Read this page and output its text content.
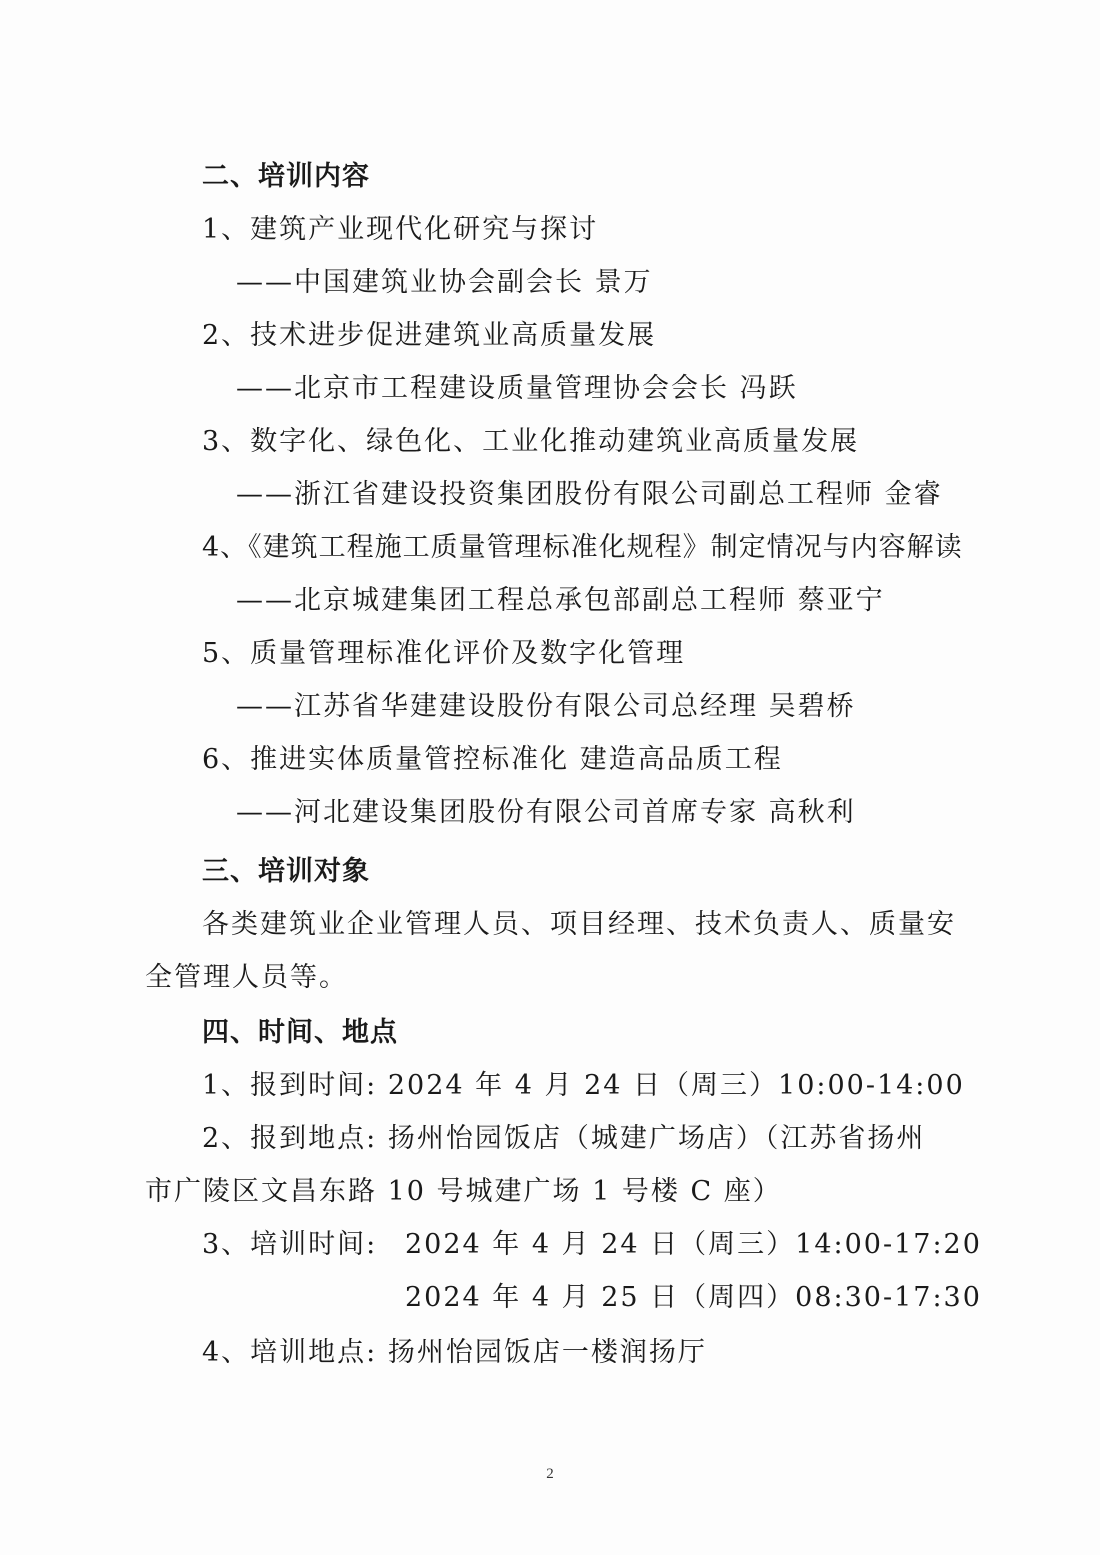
二、培训内容
1、建筑产业现代化研究与探讨
——中国建筑业协会副会长 景万
2、技术进步促进建筑业高质量发展
——北京市工程建设质量管理协会会长 冯跃
3、数字化、绿色化、工业化推动建筑业高质量发展
——浙江省建设投资集团股份有限公司副总工程师 金睿
4、《建筑工程施工质量管理标准化规程》制定情况与内容解读
——北京城建集团工程总承包部副总工程师 蔡亚宁
5、质量管理标准化评价及数字化管理
——江苏省华建建设股份有限公司总经理 吴碧桥
6、推进实体质量管控标准化 建造高品质工程
——河北建设集团股份有限公司首席专家 高秋利
三、培训对象
各类建筑业企业管理人员、项目经理、技术负责人、质量安
全管理人员等。
四、时间、地点
1、报到时间: 2024 年 4 月 24 日（周三）10:00-14:00
2、报到地点: 扬州怡园饭店（城建广场店）（江苏省扬州
市广陵区文昌东路 10 号城建广场 1 号楼 C 座）
3、培训时间: 2024 年 4 月 24 日（周三）14:00-17:20
2024 年 4 月 25 日（周四）08:30-17:30
4、培训地点: 扬州怡园饭店一楼润扬厅
2
